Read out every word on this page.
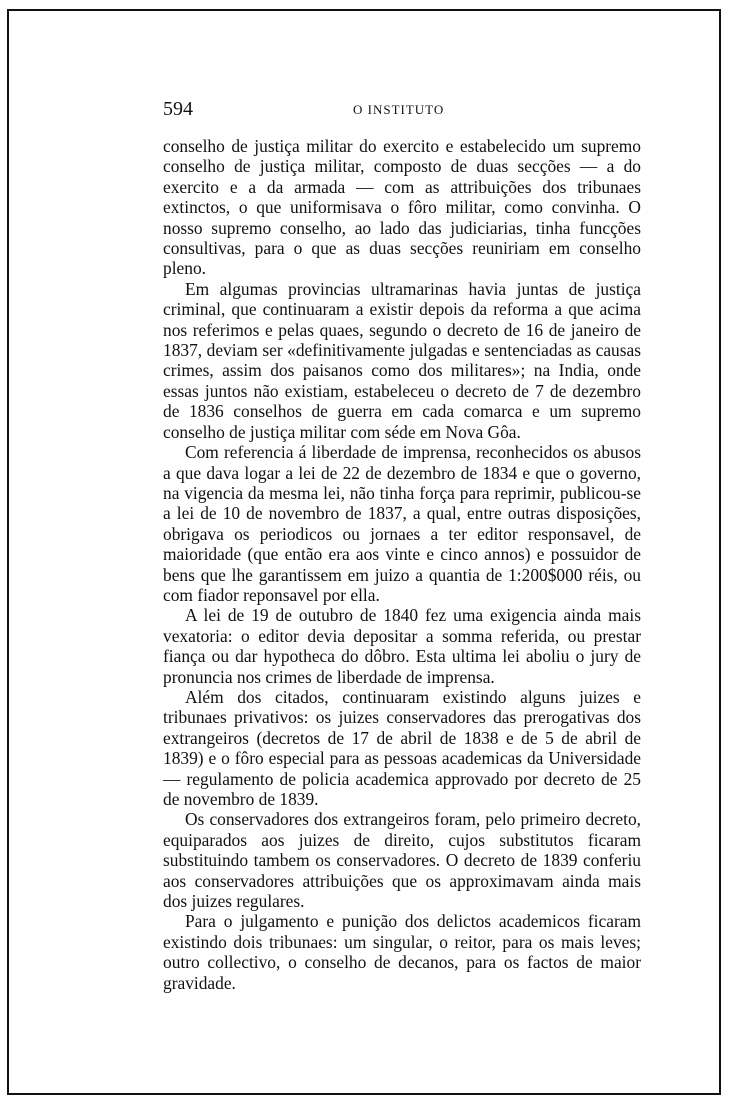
594	O INSTITUTO

conselho de justiça militar do exercito e estabelecido um supremo conselho de justiça militar, composto de duas secções — a do exercito e a da armada — com as attribuições dos tribunaes extinctos, o que uniformisava o fôro militar, como convinha. O nosso supremo conselho, ao lado das judiciarias, tinha funcções consultivas, para o que as duas secções reuniriam em conselho pleno.

Em algumas provincias ultramarinas havia juntas de justiça criminal, que continuaram a existir depois da reforma a que acima nos referimos e pelas quaes, segundo o decreto de 16 de janeiro de 1837, deviam ser «definitivamente julgadas e sentenciadas as causas crimes, assim dos paisanos como dos militares»; na India, onde essas juntos não existiam, estabeleceu o decreto de 7 de dezembro de 1836 conselhos de guerra em cada comarca e um supremo conselho de justiça militar com séde em Nova Gôa.

Com referencia á liberdade de imprensa, reconhecidos os abusos a que dava logar a lei de 22 de dezembro de 1834 e que o governo, na vigencia da mesma lei, não tinha força para reprimir, publicou-se a lei de 10 de novembro de 1837, a qual, entre outras disposições, obrigava os periodicos ou jornaes a ter editor responsavel, de maioridade (que então era aos vinte e cinco annos) e possuidor de bens que lhe garantissem em juizo a quantia de 1:200$000 réis, ou com fiador reponsavel por ella.

A lei de 19 de outubro de 1840 fez uma exigencia ainda mais vexatoria: o editor devia depositar a somma referida, ou prestar fiança ou dar hypotheca do dôbro. Esta ultima lei aboliu o jury de pronuncia nos crimes de liberdade de imprensa.

Além dos citados, continuaram existindo alguns juizes e tribunaes privativos: os juizes conservadores das prerogativas dos extrangeiros (decretos de 17 de abril de 1838 e de 5 de abril de 1839) e o fôro especial para as pessoas academicas da Universidade — regulamento de policia academica approvado por decreto de 25 de novembro de 1839.

Os conservadores dos extrangeiros foram, pelo primeiro decreto, equiparados aos juizes de direito, cujos substitutos ficaram substituindo tambem os conservadores. O decreto de 1839 conferiu aos conservadores attribuições que os approximavam ainda mais dos juizes regulares.

Para o julgamento e punição dos delictos academicos ficaram existindo dois tribunaes: um singular, o reitor, para os mais leves; outro collectivo, o conselho de decanos, para os factos de maior gravidade.
